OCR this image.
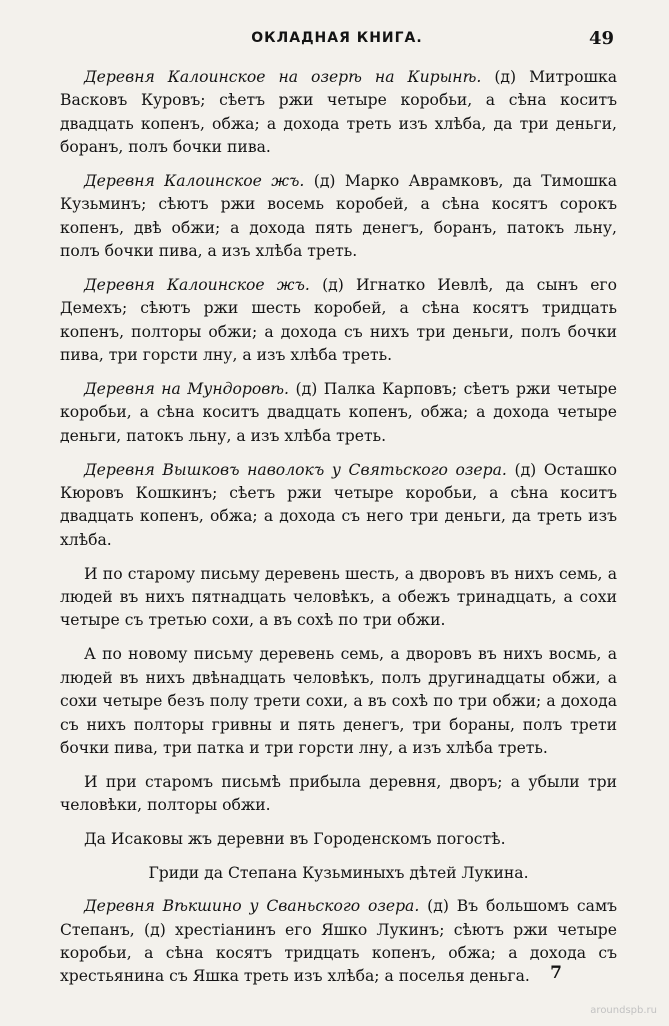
ОКЛАДНАЯ КНИГА.	49

Деревня Калоинское на озерѣ на Кирынѣ. (д) Митрошка Васковъ Куровъ; сѣетъ ржи четыре коробьи, а сѣна коситъ двадцать копенъ, обжа; а дохода треть изъ хлѣба, да три деньги, боранъ, полъ бочки пива.

Деревня Калоинское жъ. (д) Марко Аврамковъ, да Тимошка Кузьминъ; сѣютъ ржи восемь коробей, а сѣна косятъ сорокъ копенъ, двѣ обжи; а дохода пять денегъ, боранъ, патокъ льну, полъ бочки пива, а изъ хлѣба треть.

Деревня Калоинское жъ. (д) Игнатко Иевлѣ, да сынъ его Демехъ; сѣютъ ржи шесть коробей, а сѣна косятъ тридцать копенъ, полторы обжи; а дохода съ нихъ три деньги, полъ бочки пива, три горсти лну, а изъ хлѣба треть.

Деревня на Мундоровѣ. (д) Палка Карповъ; сѣетъ ржи четыре коробьи, а сѣна коситъ двадцать копенъ, обжа; а дохода четыре деньги, патокъ льну, а изъ хлѣба треть.

Деревня Вышковъ наволокъ у Святьского озера. (д) Осташко Кюровъ Кошкинъ; сѣетъ ржи четыре коробьи, а сѣна коситъ двадцать копенъ, обжа; а дохода съ него три деньги, да треть изъ хлѣба.

И по старому письму деревень шесть, а дворовъ въ нихъ семь, а людей въ нихъ пятнадцать человѣкъ, а обежъ тринадцать, а сохи четыре съ третью сохи, а въ сохѣ по три обжи.

А по новому письму деревень семь, а дворовъ въ нихъ восмь, а людей въ нихъ двѣнадцать человѣкъ, полъ другинадцаты обжи, а сохи четыре безъ полу трети сохи, а въ сохѣ по три обжи; а дохода съ нихъ полторы гривны и пять денегъ, три бораны, полъ трети бочки пива, три патка и три горсти лну, а изъ хлѣба треть.

И при старомъ письмѣ прибыла деревня, дворъ; а убыли три человѣки, полторы обжи.

Да Исаковы жъ деревни въ Городенскомъ погостѣ.

Гриди да Степана Кузьминыхъ дѣтей Лукина.

Деревня Вѣкшино у Сваньского озера. (д) Въ большомъ самъ Степанъ, (д) хрестіанинъ его Яшко Лукинъ; сѣютъ ржи четыре коробьи, а сѣна косятъ тридцать копенъ, обжа; а дохода съ хрестьянина съ Яшка треть изъ хлѣба; а поселья деньга.	7
aroundspb.ru
